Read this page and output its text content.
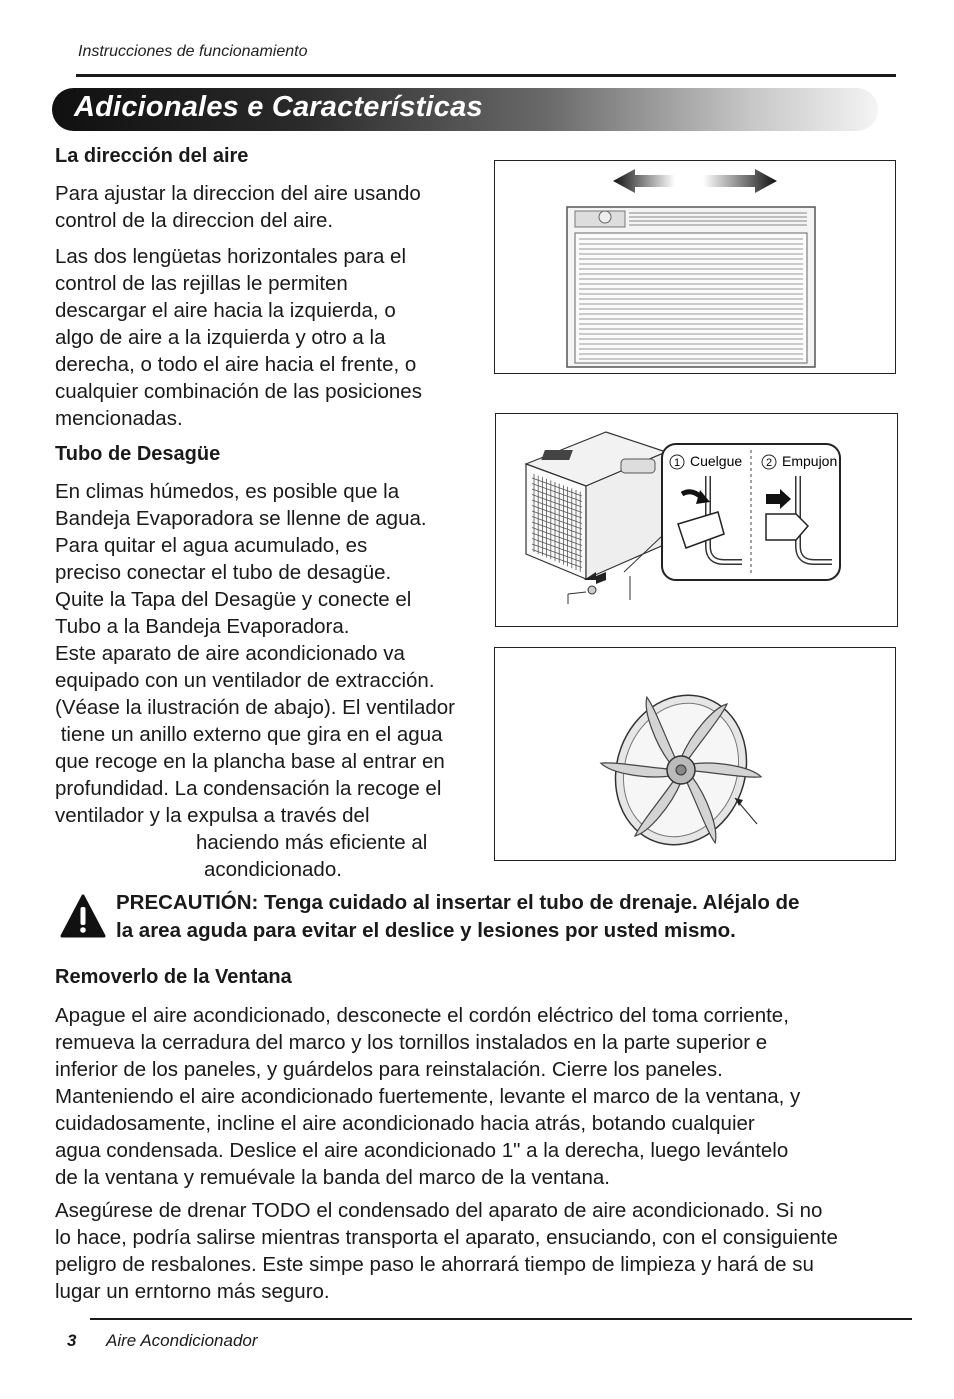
Instrucciones de funcionamiento
Adicionales e Características
La dirección del aire
Para ajustar la direccion del aire usando
control de la direccion del aire.
Las dos lengüetas horizontales para el
control de las rejillas le permiten
descargar el aire hacia la izquierda, o
algo de aire a la izquierda y otro a la
derecha, o todo el aire hacia el frente, o
cualquier combinación de las posiciones
mencionadas.
Tubo de Desagüe
En climas húmedos, es posible que la
Bandeja Evaporadora se llenne de agua.
Para quitar el agua acumulado, es
preciso conectar el tubo de desagüe.
Quite la Tapa del Desagüe y conecte el
Tubo a la Bandeja Evaporadora.
Este aparato de aire acondicionado va
equipado con un ventilador de extracción.
(Véase la ilustración de abajo). El ventilador
tiene un anillo externo que gira en el agua
que recoge en la plancha base al entrar en
profundidad. La condensación la recoge el
ventilador y la expulsa a través del
haciendo más eficiente al
acondicionado.
1 Cuelgue 2 Empujon
PRECAUTIÓN: Tenga cuidado al insertar el tubo de drenaje. Aléjalo de
la area aguda para evitar el deslice y lesiones por usted mismo.
Removerlo de la Ventana
Apague el aire acondicionado, desconecte el cordón eléctrico del toma corriente,
remueva la cerradura del marco y los tornillos instalados en la parte superior e
inferior de los paneles, y guárdelos para reinstalación. Cierre los paneles.
Manteniendo el aire acondicionado fuertemente, levante el marco de la ventana, y
cuidadosamente, incline el aire acondicionado hacia atrás, botando cualquier
agua condensada. Deslice el aire acondicionado 1" a la derecha, luego levántelo
de la ventana y remuévale la banda del marco de la ventana.
Asegúrese de drenar TODO el condensado del aparato de aire acondicionado. Si no
lo hace, podría salirse mientras transporta el aparato, ensuciando, con el consiguiente
peligro de resbalones. Este simpe paso le ahorrará tiempo de limpieza y hará de su
lugar un erntorno más seguro.
3 Aire Acondicionador
